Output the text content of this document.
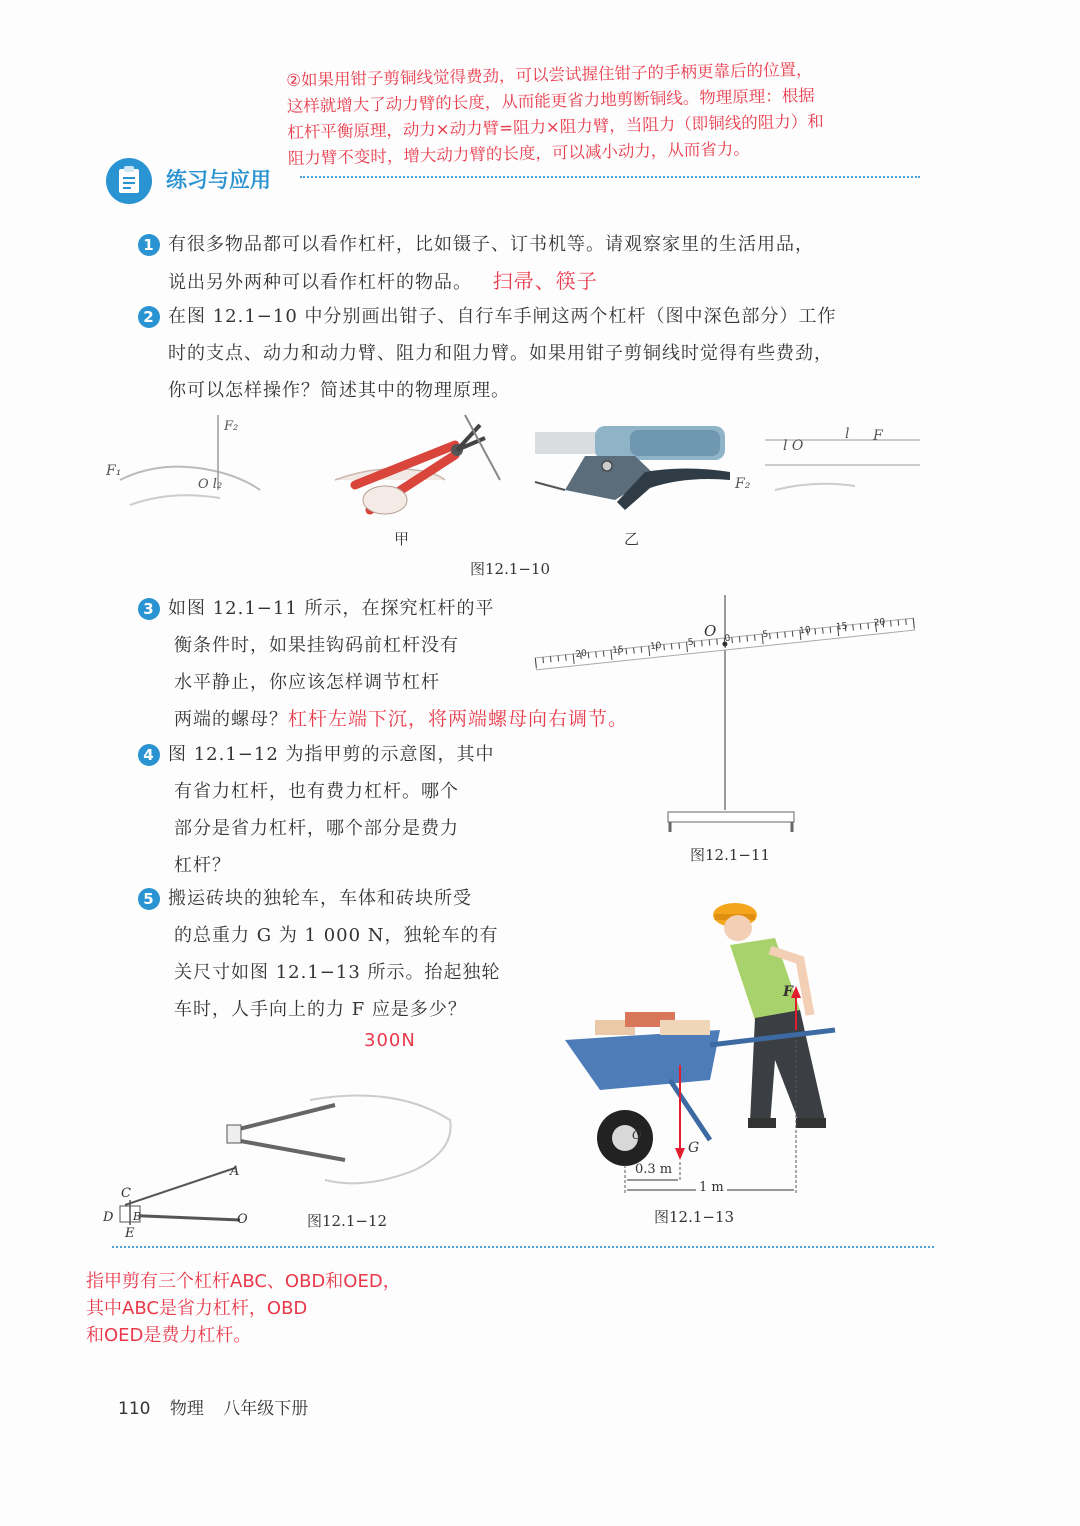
②如果用钳子剪铜线觉得费劲，可以尝试握住钳子的手柄更靠后的位置，
这样就增大了动力臂的长度，从而能更省力地剪断铜线。物理原理：根据
杠杆平衡原理，动力×动力臂=阻力×阻力臂，当阻力（即铜线的阻力）和
阻力臂不变时，增大动力臂的长度，可以减小动力，从而省力。
练习与应用
1 有很多物品都可以看作杠杆，比如镊子、订书机等。请观察家里的生活用品，
说出另外两种可以看作杠杆的物品。 扫帚、筷子
2 在图 12.1−10 中分别画出钳子、自行车手闸这两个杠杆（图中深色部分）工作
时的支点、动力和动力臂、阻力和阻力臂。如果用钳子剪铜线时觉得有些费劲，
你可以怎样操作？简述其中的物理原理。
F₁
F₂
O l₂
甲	乙
l O
l F
F₂
图12.1−10
3 如图 12.1−11 所示，在探究杠杆的平
衡条件时，如果挂钩码前杠杆没有
水平静止，你应该怎样调节杠杆
两端的螺母？杠杆左端下沉，将两端螺母向右调节。
O
20	15	10	5	0	5	10	15	20
图12.1−11
4 图 12.1−12 为指甲剪的示意图，其中
有省力杠杆，也有费力杠杆。哪个
部分是省力杠杆，哪个部分是费力
杠杆？
5 搬运砖块的独轮车，车体和砖块所受
的总重力 G 为 1 000 N，独轮车的有
关尺寸如图 12.1−13 所示。抬起独轮
车时，人手向上的力 F 应是多少？
300N
A
C
B
D
E
O	图12.1−12
F
G
O
0.3 m
1 m
图12.1−13
指甲剪有三个杠杆ABC、OBD和OED，
其中ABC是省力杠杆，OBD
和OED是费力杠杆。
110 物理 八年级下册
